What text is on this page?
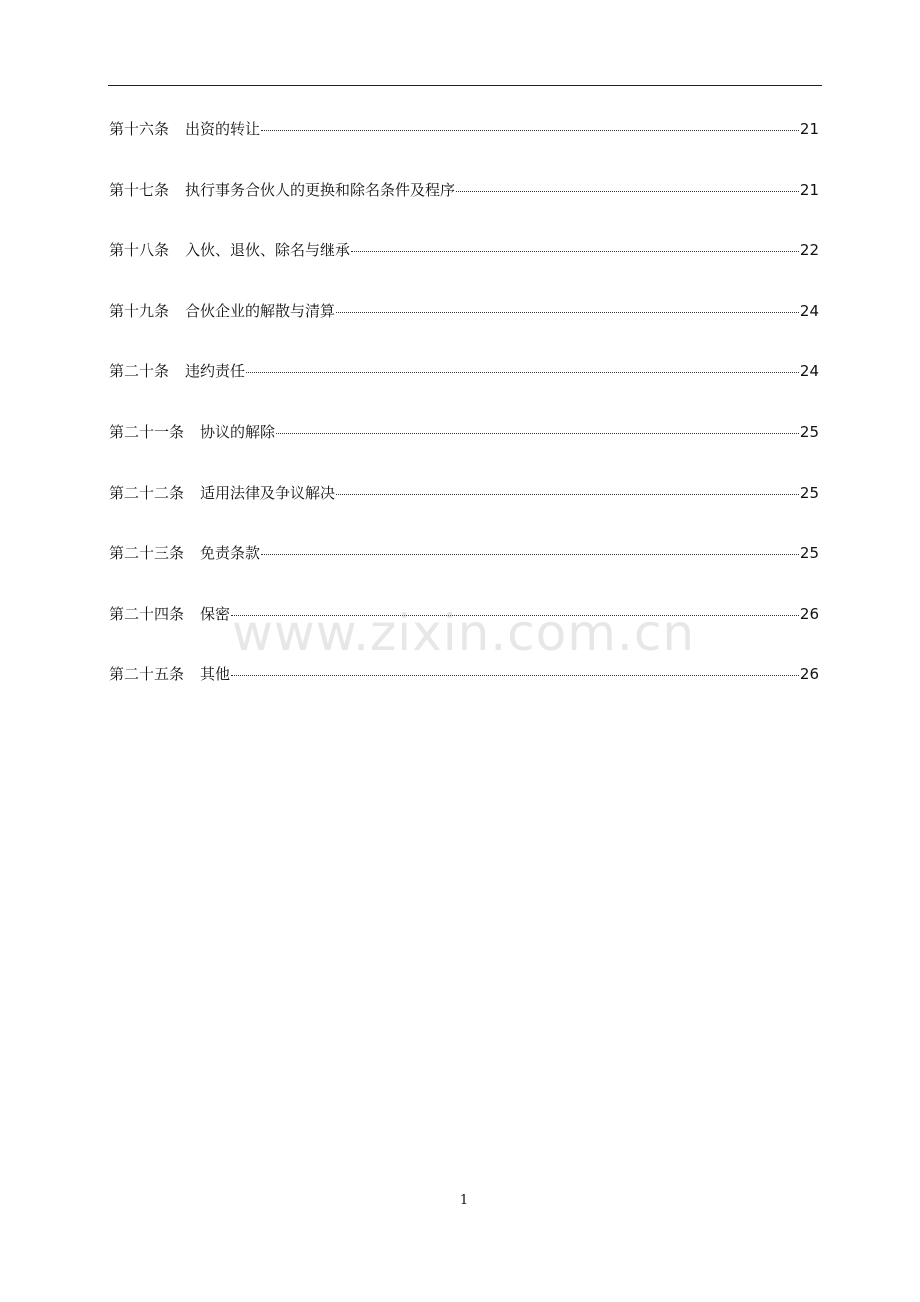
第十六条 出资的转让	21
第十七条 执行事务合伙人的更换和除名条件及程序	21
第十八条 入伙、退伙、除名与继承	22
第十九条 合伙企业的解散与清算	24
第二十条 违约责任	24
第二十一条 协议的解除	25
第二十二条 适用法律及争议解决	25
第二十三条 免责条款	25
第二十四条 保密	26
第二十五条 其他	26
www.zixin.com.cn
1
